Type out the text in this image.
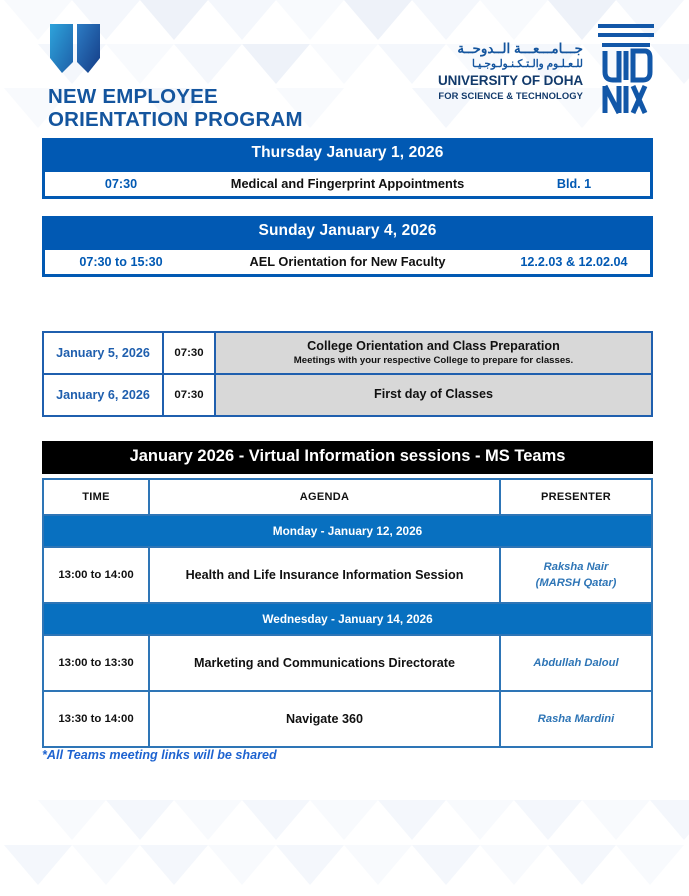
NEW EMPLOYEE
ORIENTATION PROGRAM
جـــامـــعـــة الــدوحــة
للـعـلـوم والـتـكـنـولـوجـيـا
UNIVERSITY OF DOHA
FOR SCIENCE & TECHNOLOGY
Thursday January 1, 2026
07:30	Medical and Fingerprint Appointments	Bld. 1
Sunday January 4, 2026
07:30 to 15:30	AEL Orientation for New Faculty	12.2.03 & 12.02.04
January 5, 2026	07:30	College Orientation and Class Preparation
Meetings with your respective College to prepare for classes.

January 6, 2026	07:30	First day of Classes
January 2026 - Virtual Information sessions - MS Teams
TIME	AGENDA	PRESENTER
Monday - January 12, 2026		
13:00 to 14:00	Health and Life Insurance Information Session	Raksha Nair
(MARSH Qatar)

Wednesday - January 14, 2026		
13:00 to 13:30	Marketing and Communications Directorate	Abdullah Daloul
13:30 to 14:00	Navigate 360	Rasha Mardini
*All Teams meeting links will be shared
